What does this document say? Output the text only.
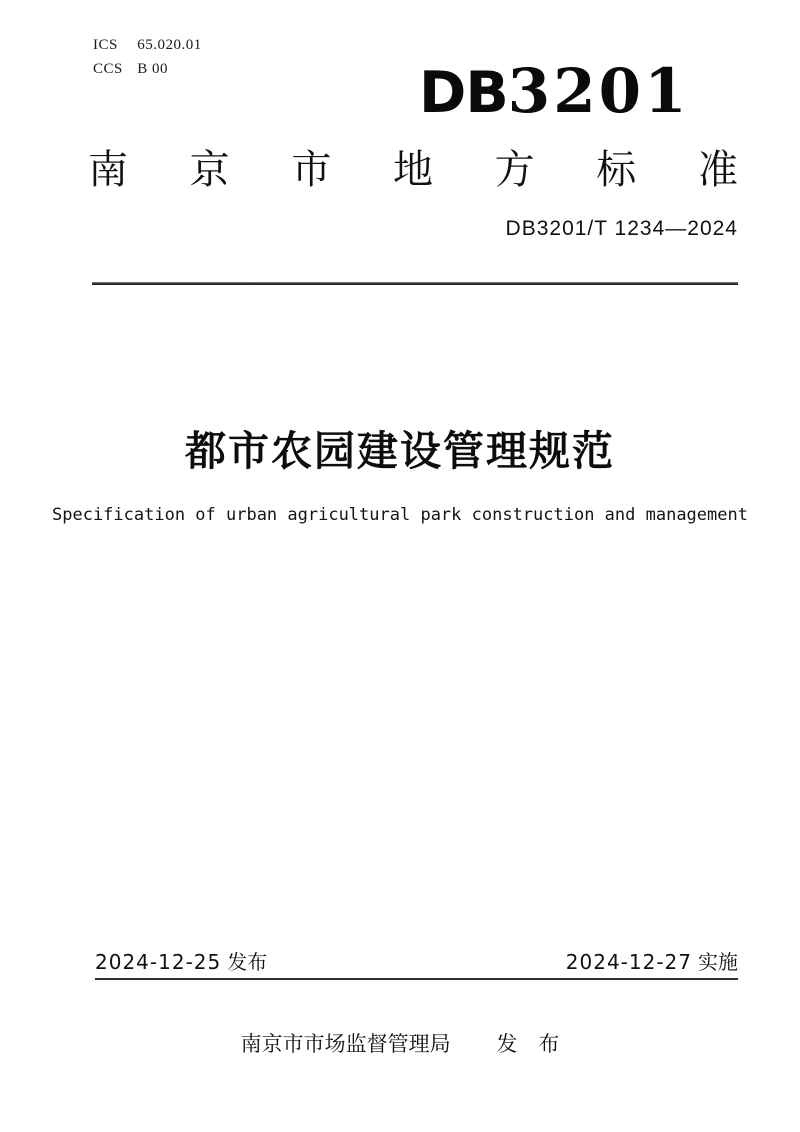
ICS 65.020.01
CCS B 00	DB3201
南 京 市 地 方 标 准
DB3201/T 1234—2024
都市农园建设管理规范
Specification of urban agricultural park construction and management
2024-12-25 发布	2024-12-27 实施
南京市市场监督管理局 发　布
